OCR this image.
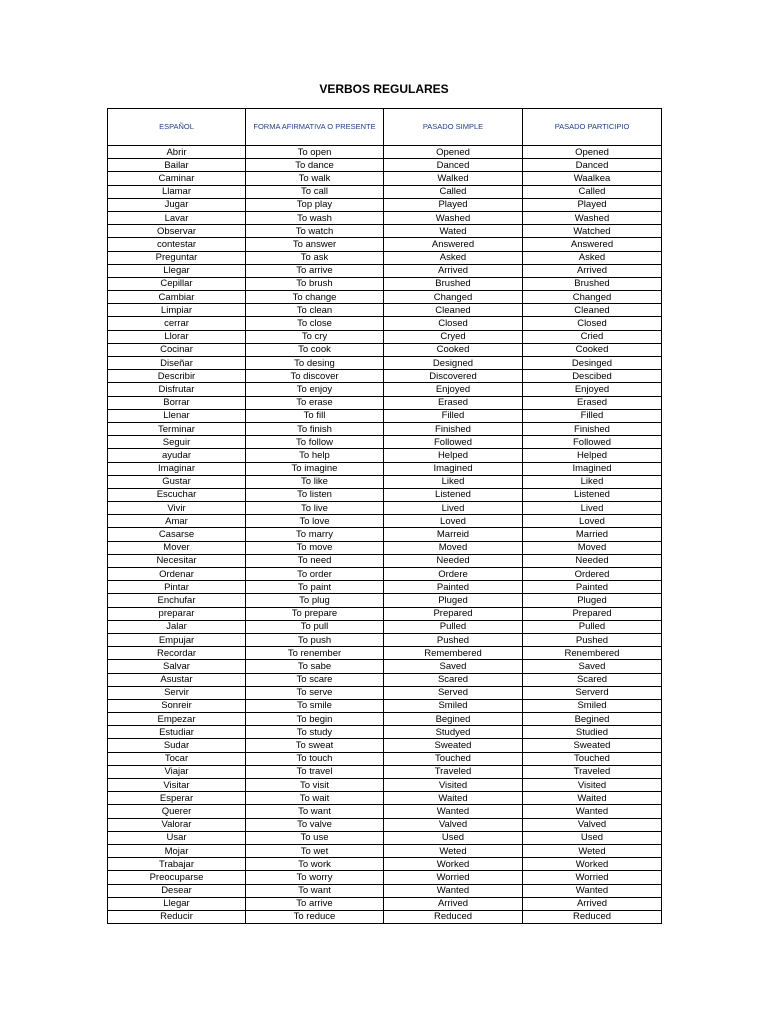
VERBOS REGULARES
ESPAÑOL	FORMA AFIRMATIVA O PRESENTE	PASADO SIMPLE	PASADO PARTICIPIO
Abrir	To open	Opened	Opened
Bailar	To dance	Danced	Danced
Caminar	To walk	Walked	Waalkea
Llamar	To call	Called	Called
Jugar	Top play	Played	Played
Lavar	To wash	Washed	Washed
Observar	To watch	Wated	Watched
contestar	To answer	Answered	Answered
Preguntar	To ask	Asked	Asked
Llegar	To arrive	Arrived	Arrived
Cepillar	To brush	Brushed	Brushed
Cambiar	To change	Changed	Changed
Limpiar	To clean	Cleaned	Cleaned
cerrar	To close	Closed	Closed
Llorar	To cry	Cryed	Cried
Cocinar	To cook	Cooked	Cooked
Diseñar	To desing	Designed	Desinged
Describir	To discover	Discovered	Descibed
Disfrutar	To enjoy	Enjoyed	Enjoyed
Borrar	To erase	Erased	Erased
Llenar	To fill	Filled	Filled
Terminar	To finish	Finished	Finished
Seguir	To follow	Followed	Followed
ayudar	To help	Helped	Helped
Imaginar	To imagine	Imagined	Imagined
Gustar	To like	Liked	Liked
Escuchar	To listen	Listened	Listened
Vivir	To live	Lived	Lived
Amar	To love	Loved	Loved
Casarse	To marry	Marreid	Married
Mover	To move	Moved	Moved
Necesitar	To need	Needed	Needed
Ordenar	To order	Ordere	Ordered
Pintar	To paint	Painted	Painted
Enchufar	To plug	Pluged	Pluged
preparar	To prepare	Prepared	Prepared
Jalar	To pull	Pulled	Pulled
Empujar	To push	Pushed	Pushed
Recordar	To renember	Remembered	Renembered
Salvar	To sabe	Saved	Saved
Asustar	To scare	Scared	Scared
Servir	To serve	Served	Serverd
Sonreir	To smile	Smiled	Smiled
Empezar	To begin	Begined	Begined
Estudiar	To study	Studyed	Studied
Sudar	To sweat	Sweated	Sweated
Tocar	To touch	Touched	Touched
Viajar	To travel	Traveled	Traveled
Visitar	To visit	Visited	Visited
Esperar	To wait	Waited	Waited
Querer	To want	Wanted	Wanted
Valorar	To valve	Valved	Valved
Usar	To use	Used	Used
Mojar	To wet	Weted	Weted
Trabajar	To work	Worked	Worked
Preocuparse	To worry	Worried	Worried
Desear	To want	Wanted	Wanted
Llegar	To arrive	Arrived	Arrived
Reducir	To reduce	Reduced	Reduced
